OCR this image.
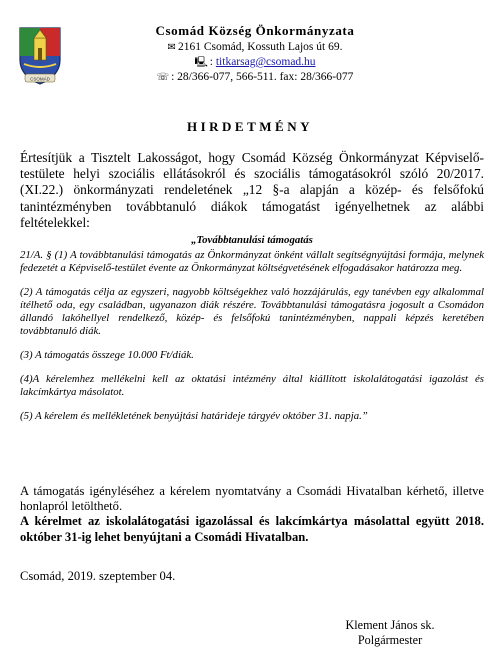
CSOMÁD
Csomád Község Önkormányzata
✉ 2161 Csomád, Kossuth Lajos út 69.
🖳 : titkarsag@csomad.hu
☏ : 28/366-077, 566-511. fax: 28/366-077
HIRDETMÉNY
Értesítjük a Tisztelt Lakosságot, hogy Csomád Község Önkormányzat Képviselő-testülete helyi szociális ellátásokról és szociális támogatásokról szóló 20/2017.(XI.22.) önkormányzati rendeletének „12 §-a alapján a közép- és felsőfokú tanintézményben továbbtanuló diákok támogatást igényelhetnek az alábbi feltételekkel:
„Továbbtanulási támogatás

21/A. § (1) A továbbtanulási támogatás az Önkormányzat önként vállalt segítségnyújtási formája, melynek fedezetét a Képviselő-testület évente az Önkormányzat költségvetésének elfogadásakor határozza meg.

(2) A támogatás célja az egyszeri, nagyobb költségekhez való hozzájárulás, egy tanévben egy alkalommal ítélhető oda, egy családban, ugyanazon diák részére. Továbbtanulási támogatásra jogosult a Csomádon állandó lakóhellyel rendelkező, közép- és felsőfokú tanintézményben, nappali képzés keretében továbbtanuló diák.

(3) A támogatás összege 10.000 Ft/diák.

(4)A kérelemhez mellékelni kell az oktatási intézmény által kiállított iskolalátogatási igazolást és lakcímkártya másolatot.

(5) A kérelem és mellékletének benyújtási határideje tárgyév október 31. napja.”

A támogatás igényléséhez a kérelem nyomtatvány a Csomádi Hivatalban kérhető, illetve honlapról letölthető.

A kérelmet az iskolalátogatási igazolással és lakcímkártya másolattal együtt 2018. október 31-ig lehet benyújtani a Csomádi Hivatalban.

Csomád, 2019. szeptember 04.
Klement János sk.
Polgármester
